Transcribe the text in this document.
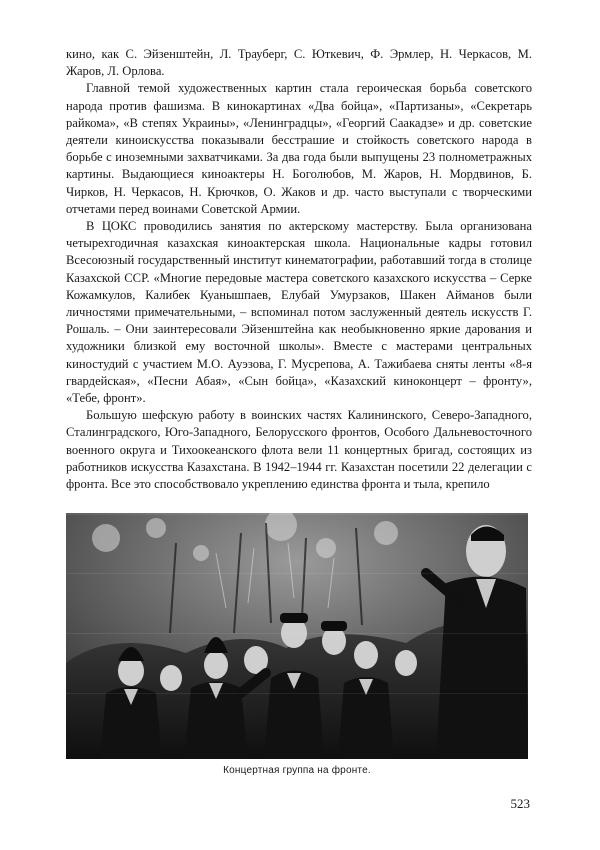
кино, как С. Эйзенштейн, Л. Трауберг, С. Юткевич, Ф. Эрмлер, Н. Черкасов, М. Жаров, Л. Орлова.

Главной темой художественных картин стала героическая борьба советского народа против фашизма. В кинокартинах «Два бойца», «Партизаны», «Секретарь райкома», «В степях Украины», «Ленинградцы», «Георгий Саакадзе» и др. советские деятели киноискусства показывали бесстрашие и стойкость советского народа в борьбе с иноземными захватчиками. За два года были выпущены 23 полнометражных картины. Выдающиеся киноактеры Н. Боголюбов, М. Жаров, Н. Мордвинов, Б. Чирков, Н. Черкасов, Н. Крючков, О. Жаков и др. часто выступали с творческими отчетами перед воинами Советской Армии.

В ЦОКС проводились занятия по актерскому мастерству. Была организована четырехгодичная казахская киноактерская школа. Национальные кадры готовил Всесоюзный государственный институт кинематографии, работавший тогда в столице Казахской ССР. «Многие передовые мастера советского казахского искусства – Серке Кожамкулов, Калибек Куанышпаев, Елубай Умурзаков, Шакен Айманов были личностями примечательными, – вспоминал потом заслуженный деятель искусств Г. Рошаль. – Они заинтересовали Эйзенштейна как необыкновенно яркие дарования и художники близкой ему восточной школы». Вместе с мастерами центральных киностудий с участием М.О. Ауэзова, Г. Мусрепова, А. Тажибаева сняты ленты «8-я гвардейская», «Песни Абая», «Сын бойца», «Казахский киноконцерт – фронту», «Тебе, фронт».

Большую шефскую работу в воинских частях Калининского, Северо-Западного, Сталинградского, Юго-Западного, Белорусского фронтов, Особого Дальневосточного военного округа и Тихоокеанского флота вели 11 концертных бригад, состоящих из работников искусства Казахстана. В 1942–1944 гг. Казахстан посетили 22 делегации с фронта. Все это способствовало укреплению единства фронта и тыла, крепило

Концертная группа на фронте.
523
